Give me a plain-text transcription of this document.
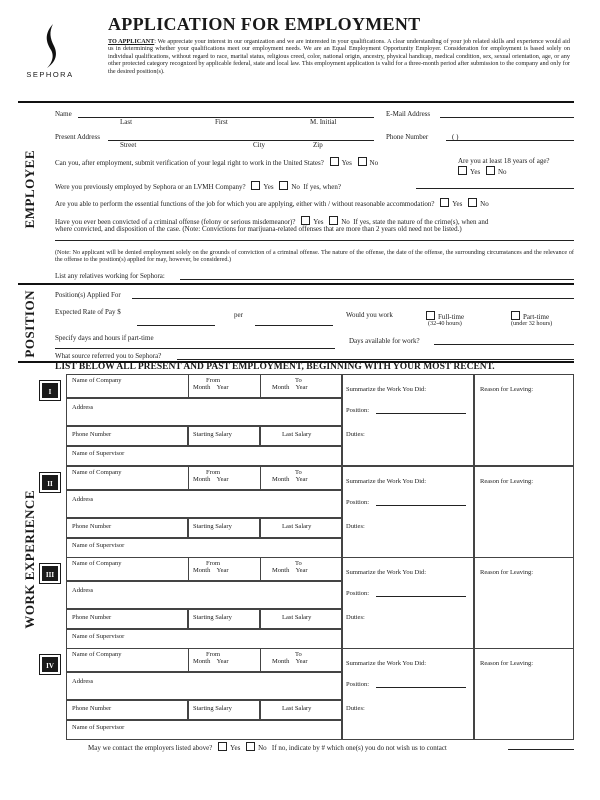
SEPHORA
APPLICATION FOR EMPLOYMENT
TO APPLICANT: We appreciate your interest in our organization and we are interested in your qualifications. A clear understanding of your job related skills and experience would aid us in determining whether your qualifications meet our employment needs. We are an Equal Employment Opportunity Employer. Consideration for employment is based solely on individual qualifications, without regard to race, marital status, religious creed, color, national origin, ancestry, physical handicap, medical condition, sex, sexual orientation, age, or any other protected category recognized by applicable federal, state and local law. This employment application is valid for a three-month period after submission to the company and only for the desired position(s).
EMPLOYEE
Name
Last	First	M. Initial
E-Mail Address
Present Address
Street	City	Zip
Phone Number	( )
Can you, after employment, submit verification of your legal right to work in the United States?	Yes	No	Are you at least 18 years of age?
Yes	No
Were you previously employed by Sephora or an LVMH Company?	Yes	No If yes, when?
Are you able to perform the essential functions of the job for which you are applying, either with / without reasonable accommodation?	Yes	No
Have you ever been convicted of a criminal offense (felony or serious misdemeanor)?	Yes	No If yes, state the nature of the crime(s), when and
where convicted, and disposition of the case. (Note: Convictions for marijuana-related offenses that are more than 2 years old need not be listed.)
(Note: No applicant will be denied employment solely on the grounds of conviction of a criminal offense. The nature of the offense, the date of the offense, the surrounding circumstances and the relevance of the offense to the position(s) applied for may, however, be considered.)
List any relatives working for Sephora:
POSITION	Position(s) Applied For
Expected Rate of Pay $	per	Would you work	Full-time
(32-40 hours)
Part-time
(under 32 hours)
Specify days and hours if part-time	Days available for work?
What source referred you to Sephora?
WORK EXPERIENCE
LIST BELOW ALL PRESENT AND PAST EMPLOYMENT, BEGINNING WITH YOUR MOST RECENT.
I
Name of Company	From
Month    Year
To
Month    Year	Summarize the Work You Did:	Reason for Leaving:
Address	Position:
Phone Number	Starting Salary	Last Salary	Duties:
Name of Supervisor
II
Name of Company	From
Month    Year
To
Month    Year	Summarize the Work You Did:	Reason for Leaving:
Address	Position:
Phone Number	Starting Salary	Last Salary	Duties:
Name of Supervisor
III
Name of Company	From
Month    Year
To
Month    Year	Summarize the Work You Did:	Reason for Leaving:
Address	Position:
Phone Number	Starting Salary	Last Salary	Duties:
Name of Supervisor
IV
Name of Company	From
Month    Year
To
Month    Year	Summarize the Work You Did:	Reason for Leaving:
Address	Position:
Phone Number	Starting Salary	Last Salary	Duties:
Name of Supervisor
May we contact the employers listed above?	Yes	No If no, indicate by # which one(s) you do not wish us to contact
